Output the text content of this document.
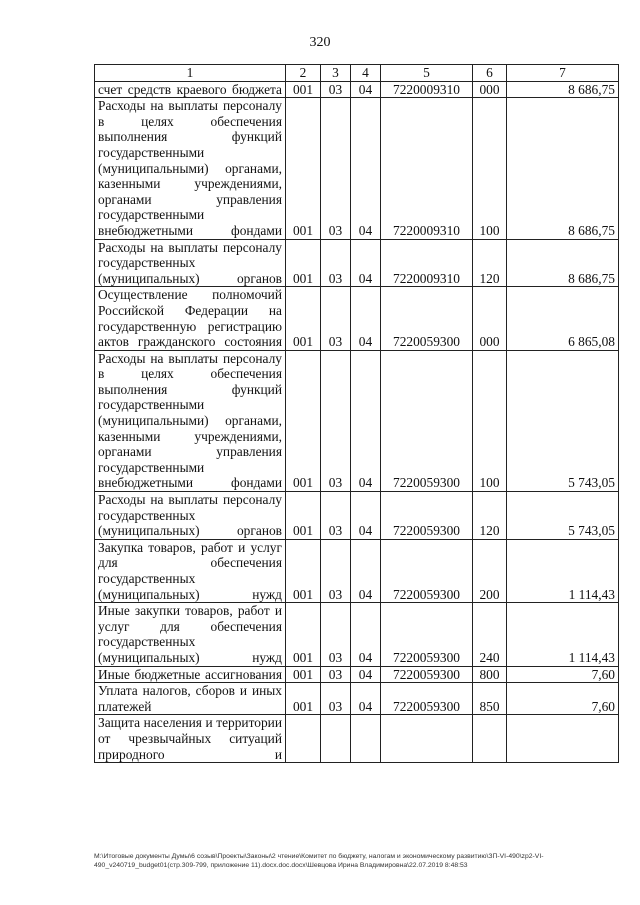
320
1	2	3	4	5	6	7
счет средств краевого бюджета	001	03	04	7220009310	000	8 686,75
Расходы на выплаты персоналу в целях обеспечения выполнения функций государственными (муниципальными) органами, казенными учреждениями, органами управления государственными внебюджетными фондами	001	03	04	7220009310	100	8 686,75
Расходы на выплаты персоналу государственных (муниципальных) органов	001	03	04	7220009310	120	8 686,75
Осуществление полномочий Российской Федерации на государственную регистрацию актов гражданского состояния	001	03	04	7220059300	000	6 865,08
Расходы на выплаты персоналу в целях обеспечения выполнения функций государственными (муниципальными) органами, казенными учреждениями, органами управления государственными внебюджетными фондами	001	03	04	7220059300	100	5 743,05
Расходы на выплаты персоналу государственных (муниципальных) органов	001	03	04	7220059300	120	5 743,05
Закупка товаров, работ и услуг для обеспечения государственных (муниципальных) нужд	001	03	04	7220059300	200	1 114,43
Иные закупки товаров, работ и услуг для обеспечения государственных (муниципальных) нужд	001	03	04	7220059300	240	1 114,43
Иные бюджетные ассигнования	001	03	04	7220059300	800	7,60
Уплата налогов, сборов и иных платежей	001	03	04	7220059300	850	7,60
Защита населения и территории от чрезвычайных ситуаций природного и						
M:\Итоговые документы Думы\6 созыв\Проекты\Законы\2 чтение\Комитет по бюджету, налогам и экономическому развитию\ЗП-VI-490\zp2-VI-490_v240719_budget01(стр.309-799, приложение 11).docx.doc.docx\Шевцова Ирина Владимировна\22.07.2019 8:48:53
